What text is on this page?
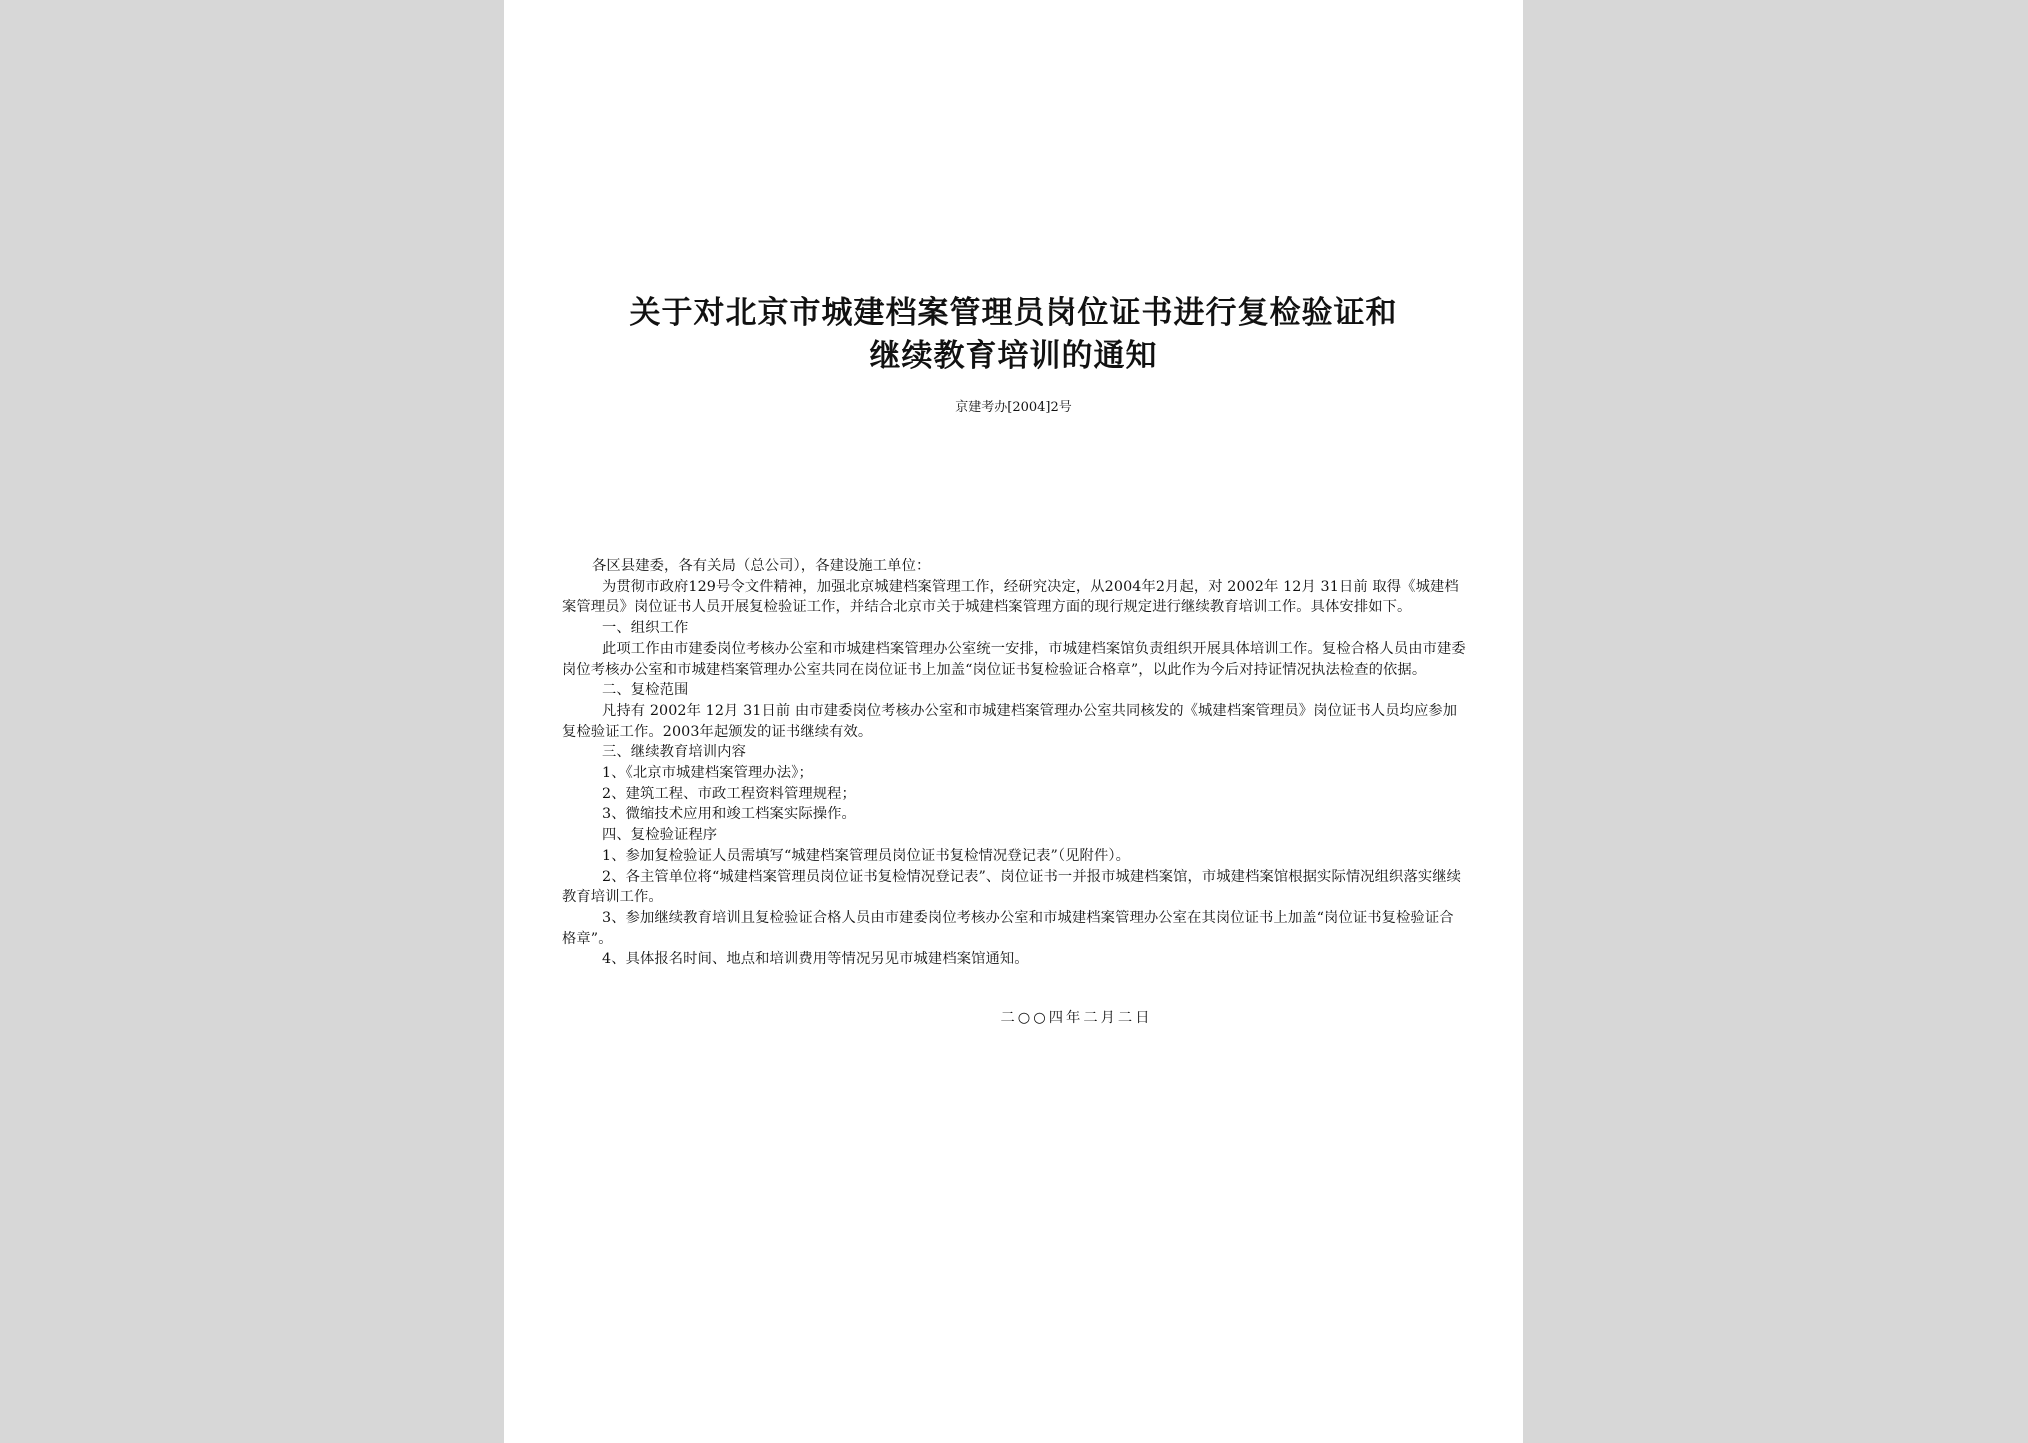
关于对北京市城建档案管理员岗位证书进行复检验证和
继续教育培训的通知
京建考办[2004]2号

各区县建委，各有关局（总公司），各建设施工单位：

为贯彻市政府129号令文件精神，加强北京城建档案管理工作，经研究决定，从2004年2月起，对 2002年 12月 31日前 取得《城建档案管理员》岗位证书人员开展复检验证工作，并结合北京市关于城建档案管理方面的现行规定进行继续教育培训工作。具体安排如下。

一、组织工作

此项工作由市建委岗位考核办公室和市城建档案管理办公室统一安排，市城建档案馆负责组织开展具体培训工作。复检合格人员由市建委岗位考核办公室和市城建档案管理办公室共同在岗位证书上加盖“岗位证书复检验证合格章”，以此作为今后对持证情况执法检查的依据。

二、复检范围

凡持有 2002年 12月 31日前 由市建委岗位考核办公室和市城建档案管理办公室共同核发的《城建档案管理员》岗位证书人员均应参加复检验证工作。2003年起颁发的证书继续有效。

三、继续教育培训内容

1、《北京市城建档案管理办法》；

2、建筑工程、市政工程资料管理规程；

3、微缩技术应用和竣工档案实际操作。

四、复检验证程序

1、参加复检验证人员需填写“城建档案管理员岗位证书复检情况登记表”（见附件）。

2、各主管单位将“城建档案管理员岗位证书复检情况登记表”、岗位证书一并报市城建档案馆，市城建档案馆根据实际情况组织落实继续教育培训工作。

3、参加继续教育培训且复检验证合格人员由市建委岗位考核办公室和市城建档案管理办公室在其岗位证书上加盖“岗位证书复检验证合格章”。

4、具体报名时间、地点和培训费用等情况另见市城建档案馆通知。

二○○四年二月二日
